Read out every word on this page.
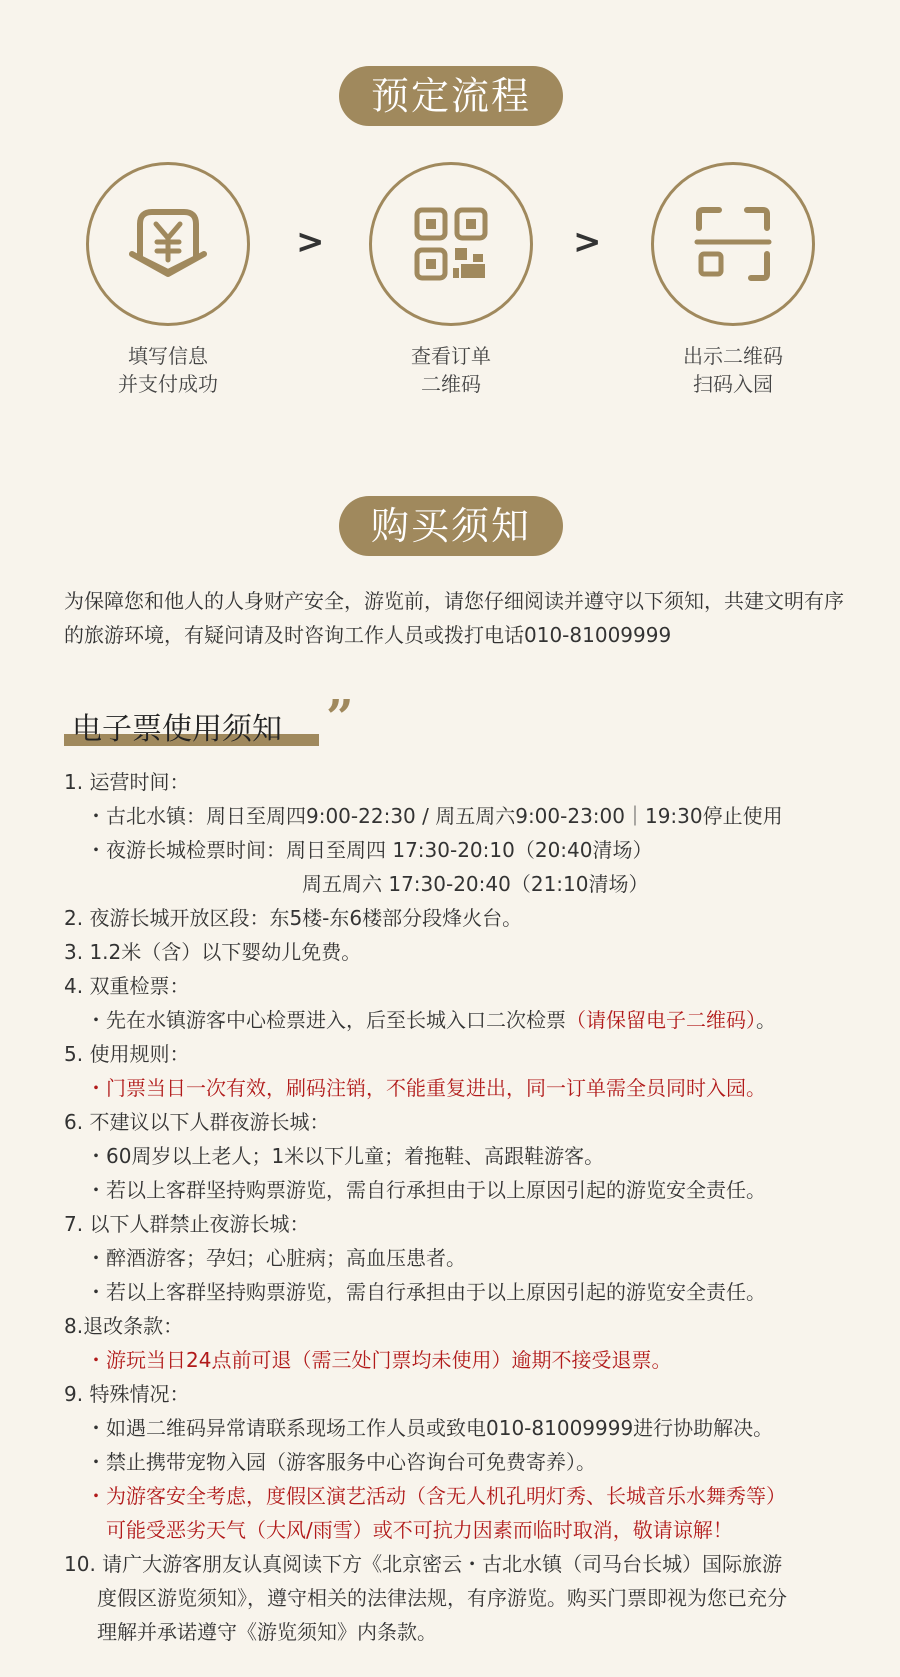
预定流程
填写信息
并支付成功
>
查看订单
二维码
>
出示二维码
扫码入园
购买须知
为保障您和他人的人身财产安全，游览前，请您仔细阅读并遵守以下须知，共建文明有序的旅游环境，有疑问请及时咨询工作人员或拨打电话010-81009999
电子票使用须知 ”
1. 运营时间：
・古北水镇：周日至周四9:00-22:30 / 周五周六9:00-23:00｜19:30停止使用
・夜游长城检票时间：周日至周四 17:30-20:10（20:40清场）
周五周六 17:30-20:40（21:10清场）
2. 夜游长城开放区段：东5楼-东6楼部分段烽火台。
3. 1.2米（含）以下婴幼儿免费。
4. 双重检票：
・先在水镇游客中心检票进入，后至长城入口二次检票（请保留电子二维码）。
5. 使用规则：
・门票当日一次有效，刷码注销，不能重复进出，同一订单需全员同时入园。
6. 不建议以下人群夜游长城：
・60周岁以上老人；1米以下儿童；着拖鞋、高跟鞋游客。
・若以上客群坚持购票游览，需自行承担由于以上原因引起的游览安全责任。
7. 以下人群禁止夜游长城：
・醉酒游客；孕妇；心脏病；高血压患者。
・若以上客群坚持购票游览，需自行承担由于以上原因引起的游览安全责任。
8.退改条款：
・游玩当日24点前可退（需三处门票均未使用）逾期不接受退票。
9. 特殊情况：
・如遇二维码异常请联系现场工作人员或致电010-81009999进行协助解决。
・禁止携带宠物入园（游客服务中心咨询台可免费寄养）。
・为游客安全考虑，度假区演艺活动（含无人机孔明灯秀、长城音乐水舞秀等）
可能受恶劣天气（大风/雨雪）或不可抗力因素而临时取消，敬请谅解！
10. 请广大游客朋友认真阅读下方《北京密云・古北水镇（司马台长城）国际旅游
度假区游览须知》，遵守相关的法律法规，有序游览。购买门票即视为您已充分
理解并承诺遵守《游览须知》内条款。
